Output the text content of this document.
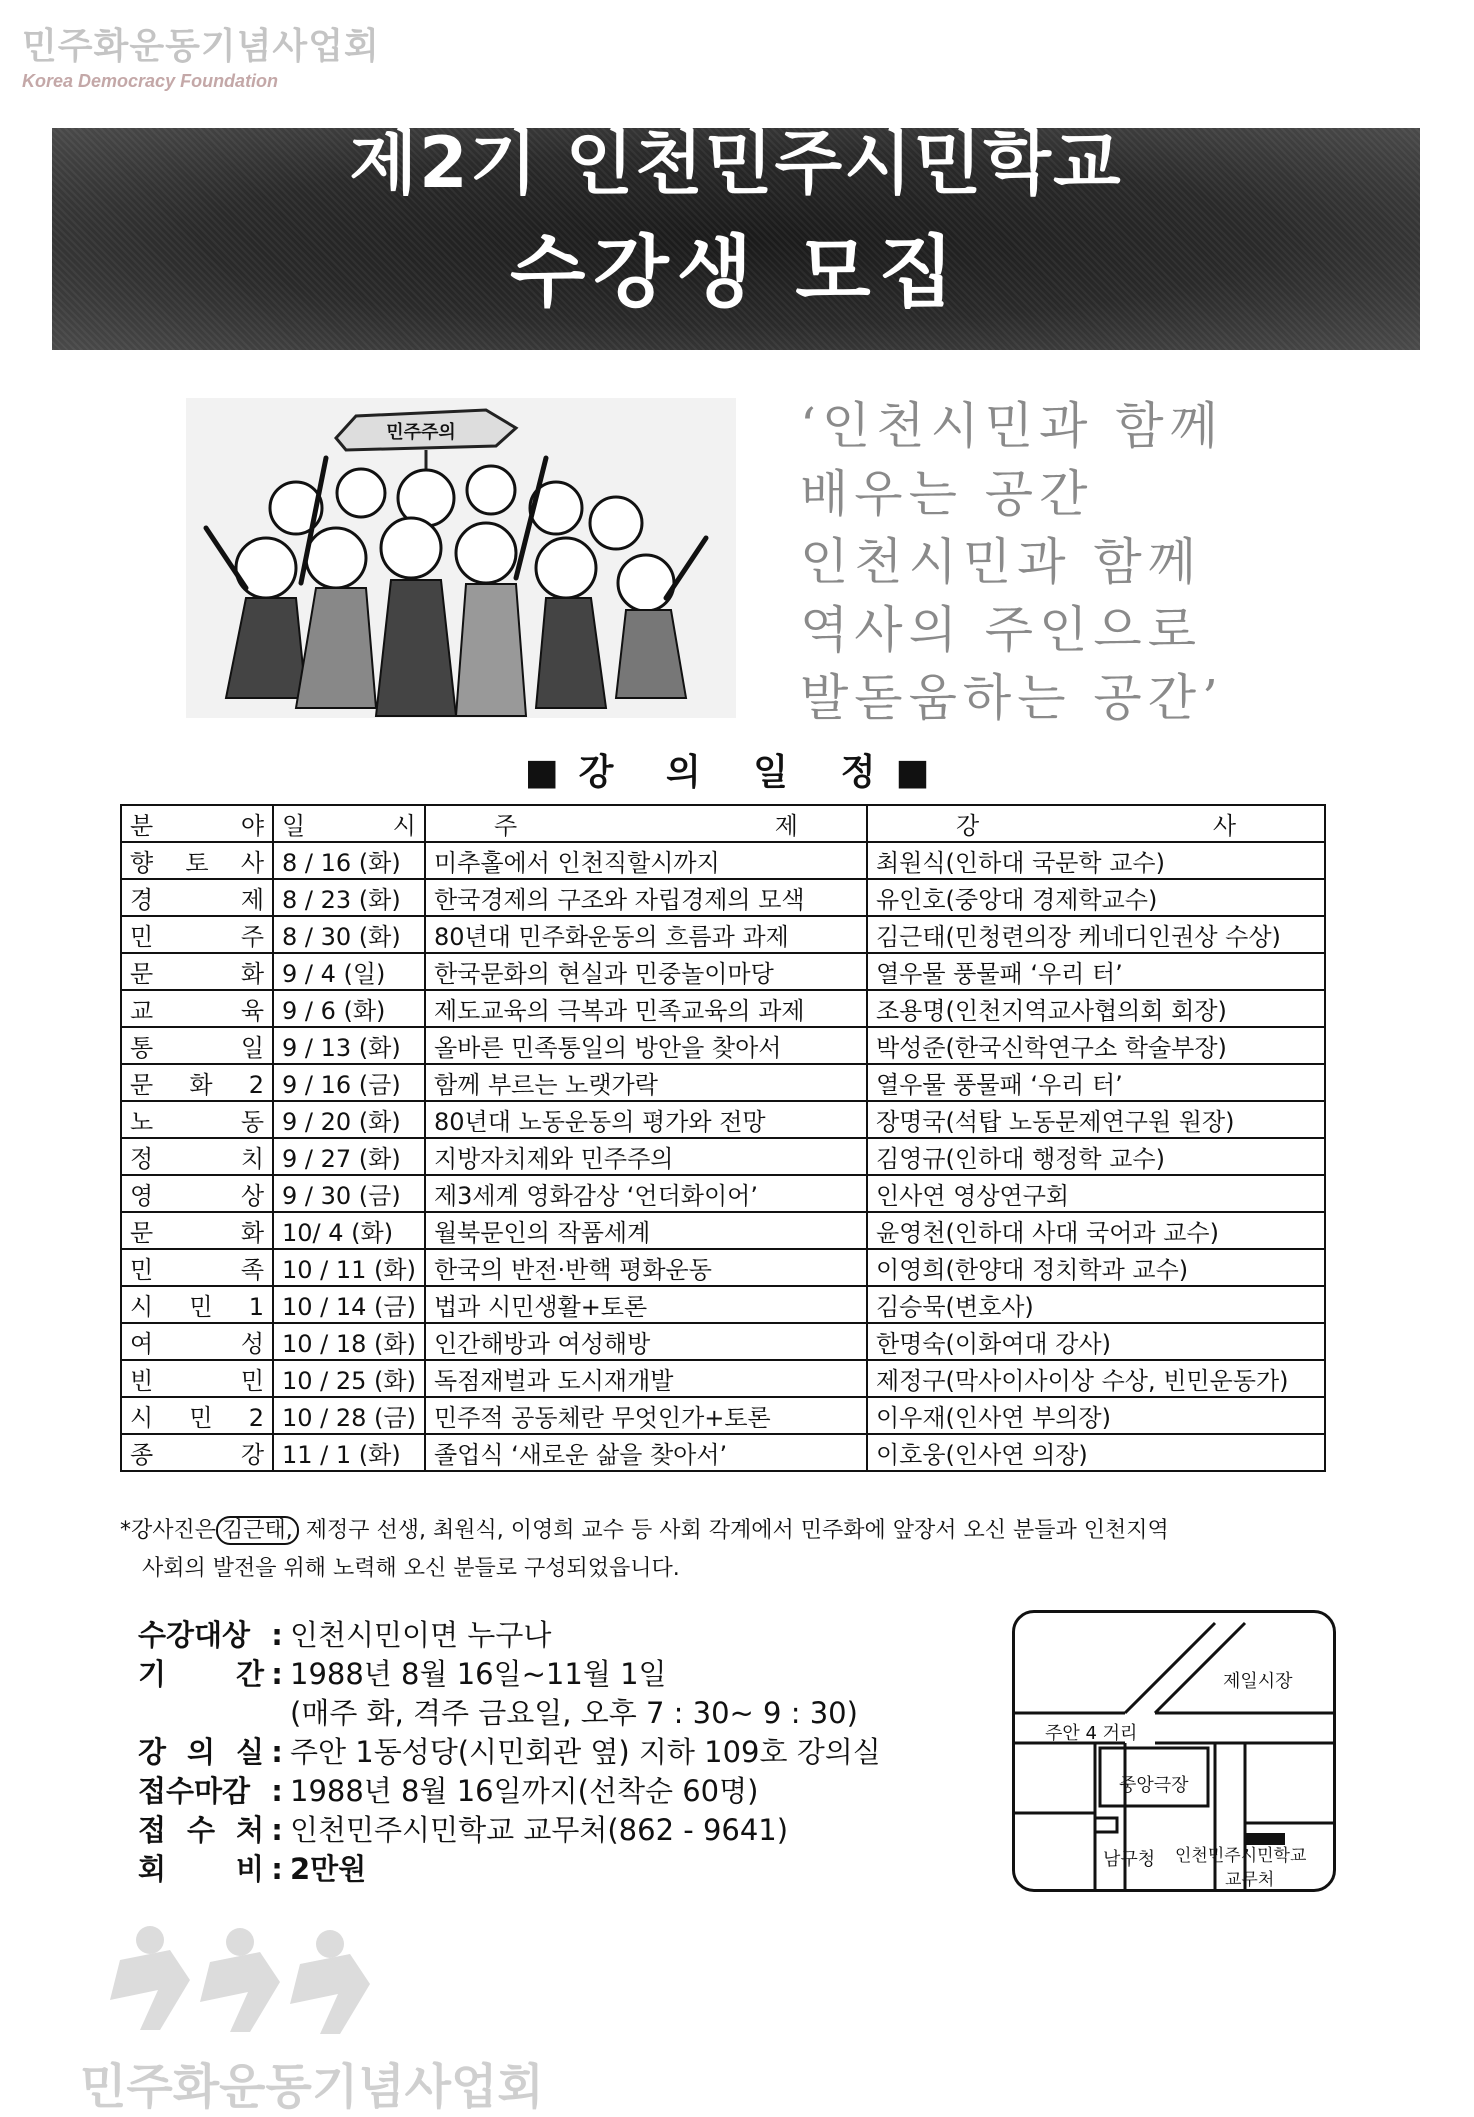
민주화운동기념사업회
Korea Democracy Foundation
제2기 인천민주시민학교
수강생 모집
민주주의	‘인천시민과 함께
배우는 공간
인천시민과 함께
역사의 주인으로
발돋움하는 공간’
■강 의 일 정■
분 야	일 시	주 제	강 사

향 토 사	8 / 16 (화)	미추홀에서 인천직할시까지	최원식(인하대 국문학 교수)
경 제	8 / 23 (화)	한국경제의 구조와 자립경제의 모색	유인호(중앙대 경제학교수)
민 주	8 / 30 (화)	80년대 민주화운동의 흐름과 과제	김근태(민청련의장 케네디인권상 수상)
문 화	9 / 4 (일)	한국문화의 현실과 민중놀이마당	열우물 풍물패 ‘우리 터’
교 육	9 / 6 (화)	제도교육의 극복과 민족교육의 과제	조용명(인천지역교사협의회 회장)
통 일	9 / 13 (화)	올바른 민족통일의 방안을 찾아서	박성준(한국신학연구소 학술부장)
문 화 2	9 / 16 (금)	함께 부르는 노랫가락	열우물 풍물패 ‘우리 터’
노 동	9 / 20 (화)	80년대 노동운동의 평가와 전망	장명국(석탑 노동문제연구원 원장)
정 치	9 / 27 (화)	지방자치제와 민주주의	김영규(인하대 행정학 교수)
영 상	9 / 30 (금)	제3세계 영화감상 ‘언더화이어’	인사연 영상연구회
문 화	10/ 4 (화)	월북문인의 작품세계	윤영천(인하대 사대 국어과 교수)
민 족	10 / 11 (화)	한국의 반전·반핵 평화운동	이영희(한양대 정치학과 교수)
시 민 1	10 / 14 (금)	법과 시민생활+토론	김승묵(변호사)
여 성	10 / 18 (화)	인간해방과 여성해방	한명숙(이화여대 강사)
빈 민	10 / 25 (화)	독점재벌과 도시재개발	제정구(막사이사이상 수상, 빈민운동가)
시 민 2	10 / 28 (금)	민주적 공동체란 무엇인가+토론	이우재(인사연 부의장)
종 강	11 / 1 (화)	졸업식 ‘새로운 삶을 찾아서’	이호웅(인사연 의장)
*강사진은 김근태, 제정구 선생, 최원식, 이영희 교수 등 사회 각계에서 민주화에 앞장서 오신 분들과 인천지역
사회의 발전을 위해 노력해 오신 분들로 구성되었읍니다.
수강대상 : 인천시민이면 누구나
기 간 : 1988년 8월 16일~11월 1일
(매주 화, 격주 금요일, 오후 7 : 30~ 9 : 30)
강 의 실 : 주안 1동성당(시민회관 옆) 지하 109호 강의실
접수마감 : 1988년 8월 16일까지(선착순 60명)
접 수 처 : 인천민주시민학교 교무처(862 - 9641)
회 비 : 2만원
제일시장
주안 4 거리
중앙극장
남구청 인천민주시민학교
교무처
민주화운동기념사업회
